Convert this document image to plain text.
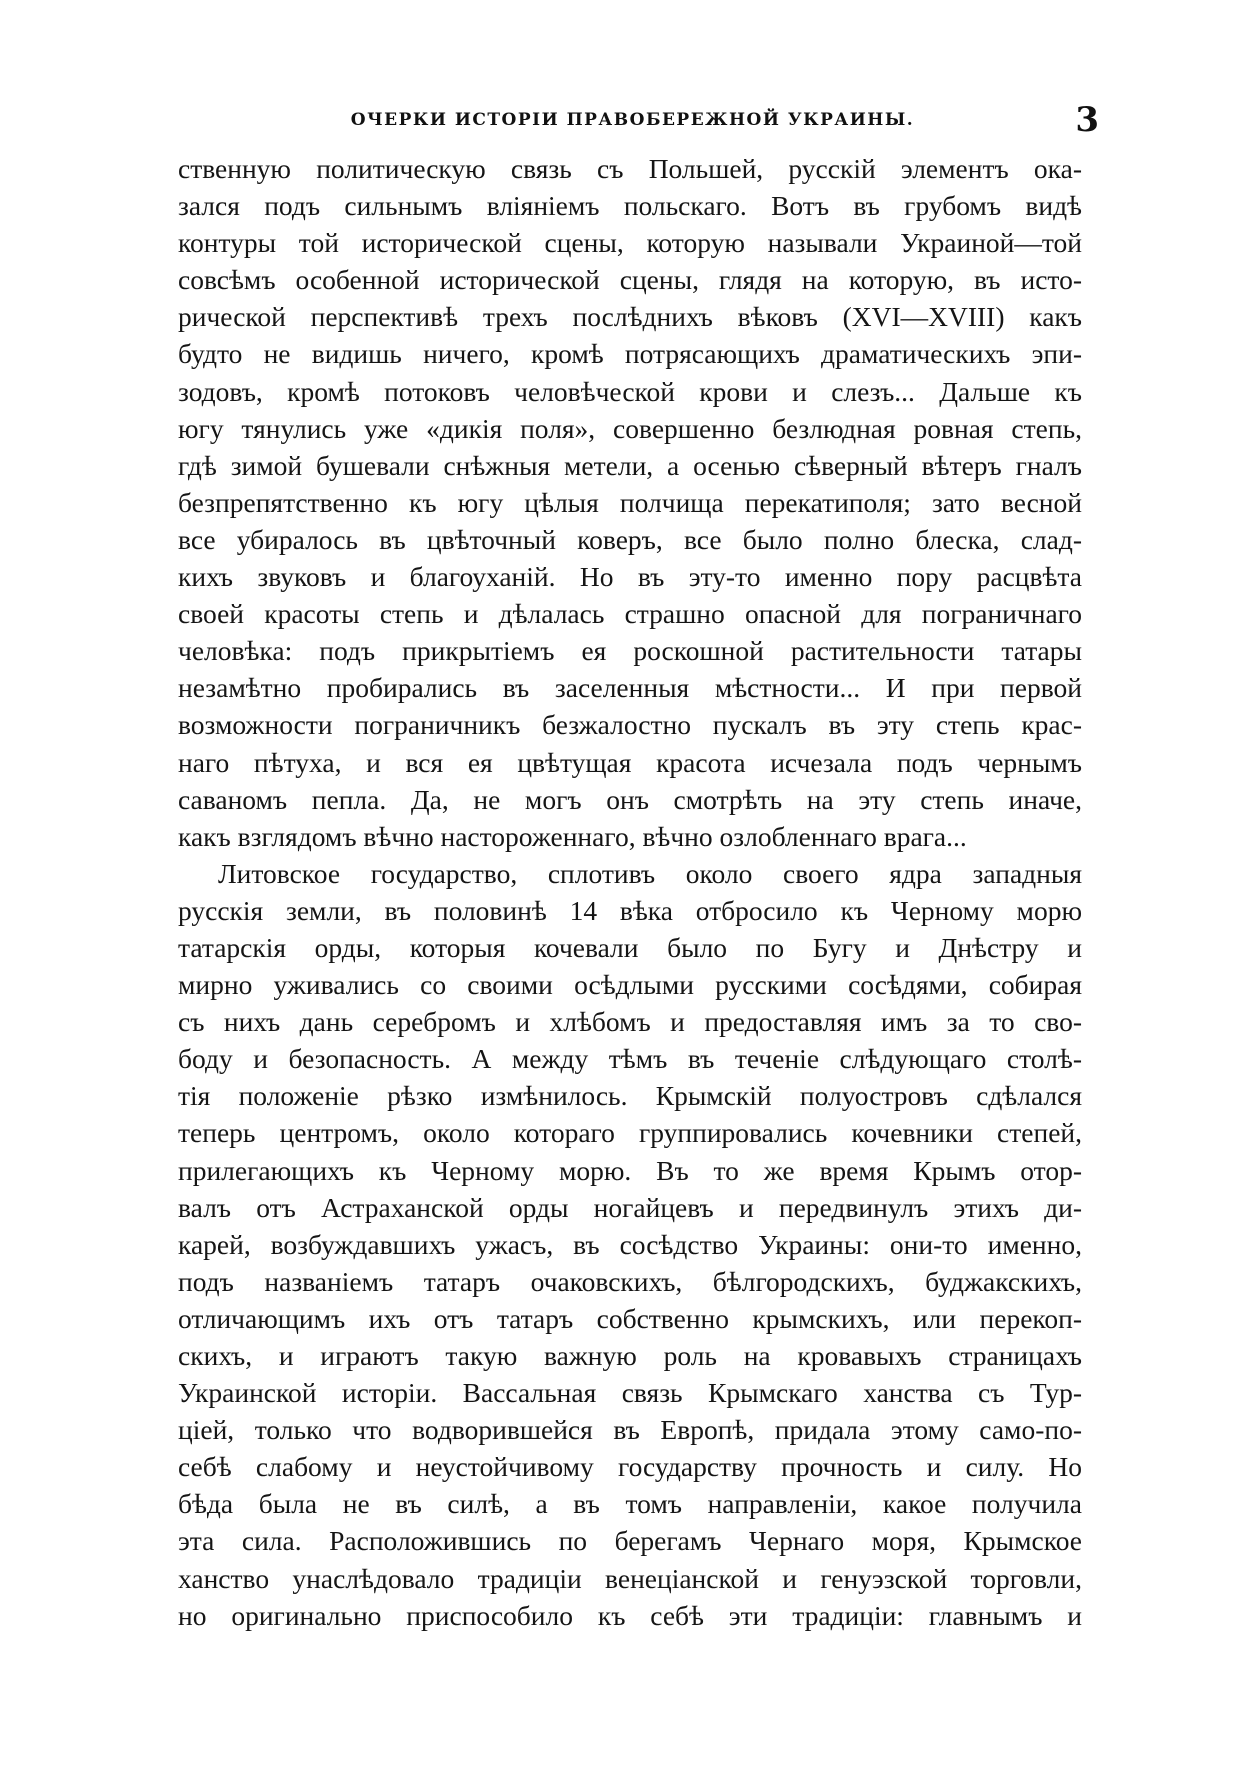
ОЧЕРКИ ИСТОРІИ ПРАВОБЕРЕЖНОЙ УКРАИНЫ.	3
ственную политическую связь съ Польшей, русскій элементъ ока-
зался подъ сильнымъ вліяніемъ польскаго. Вотъ въ грубомъ видѣ
контуры той исторической сцены, которую называли Украиной—той
совсѣмъ особенной исторической сцены, глядя на которую, въ исто-
рической перспективѣ трехъ послѣднихъ вѣковъ (XVI—XVIII) какъ
будто не видишь ничего, кромѣ потрясающихъ драматическихъ эпи-
зодовъ, кромѣ потоковъ человѣческой крови и слезъ... Дальше къ
югу тянулись уже «дикія поля», совершенно безлюдная ровная степь,
гдѣ зимой бушевали снѣжныя метели, а осенью сѣверный вѣтеръ гналъ
безпрепятственно къ югу цѣлыя полчища перекатиполя; зато весной
все убиралось въ цвѣточный коверъ, все было полно блеска, слад-
кихъ звуковъ и благоуханій. Но въ эту-то именно пору расцвѣта
своей красоты степь и дѣлалась страшно опасной для пограничнаго
человѣка: подъ прикрытіемъ ея роскошной растительности татары
незамѣтно пробирались въ заселенныя мѣстности... И при первой
возможности пограничникъ безжалостно пускалъ въ эту степь крас-
наго пѣтуха, и вся ея цвѣтущая красота исчезала подъ чернымъ
саваномъ пепла. Да, не могъ онъ смотрѣть на эту степь иначе,
какъ взглядомъ вѣчно настороженнаго, вѣчно озлобленнаго врага...
Литовское государство, сплотивъ около своего ядра западныя
русскія земли, въ половинѣ 14 вѣка отбросило къ Черному морю
татарскія орды, которыя кочевали было по Бугу и Днѣстру и
мирно уживались со своими осѣдлыми русскими сосѣдями, собирая
съ нихъ дань серебромъ и хлѣбомъ и предоставляя имъ за то сво-
боду и безопасность. А между тѣмъ въ теченіе слѣдующаго столѣ-
тія положеніе рѣзко измѣнилось. Крымскій полуостровъ сдѣлался
теперь центромъ, около котораго группировались кочевники степей,
прилегающихъ къ Черному морю. Въ то же время Крымъ отор-
валъ отъ Астраханской орды ногайцевъ и передвинулъ этихъ ди-
карей, возбуждавшихъ ужасъ, въ сосѣдство Украины: они-то именно,
подъ названіемъ татаръ очаковскихъ, бѣлгородскихъ, буджакскихъ,
отличающимъ ихъ отъ татаръ собственно крымскихъ, или перекоп-
скихъ, и играютъ такую важную роль на кровавыхъ страницахъ
Украинской исторіи. Вассальная связь Крымскаго ханства съ Тур-
ціей, только что водворившейся въ Европѣ, придала этому само-по-
себѣ слабому и неустойчивому государству прочность и силу. Но
бѣда была не въ силѣ, а въ томъ направленіи, какое получила
эта сила. Расположившись по берегамъ Чернаго моря, Крымское
ханство унаслѣдовало традиціи венеціанской и генуэзской торговли,
но оригинально приспособило къ себѣ эти традиціи: главнымъ и
